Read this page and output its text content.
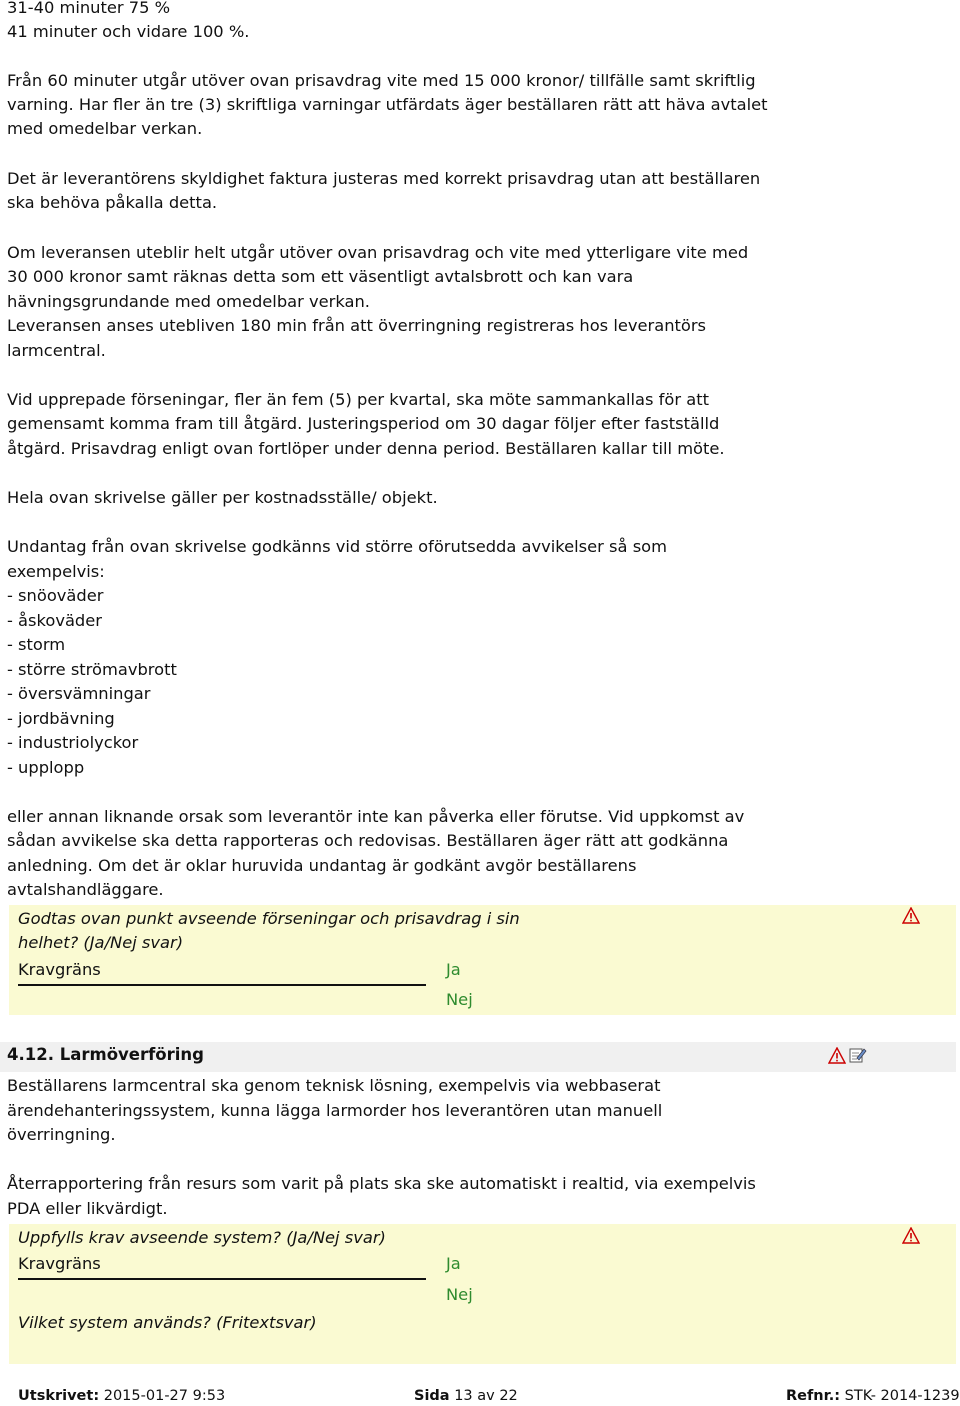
31-40 minuter 75 %
41 minuter och vidare 100 %.
Från 60 minuter utgår utöver ovan prisavdrag vite med 15 000 kronor/ tillfälle samt skriftlig
varning. Har fler än tre (3) skriftliga varningar utfärdats äger beställaren rätt att häva avtalet
med omedelbar verkan.
Det är leverantörens skyldighet faktura justeras med korrekt prisavdrag utan att beställaren
ska behöva påkalla detta.
Om leveransen uteblir helt utgår utöver ovan prisavdrag och vite med ytterligare vite med
30 000 kronor samt räknas detta som ett väsentligt avtalsbrott och kan vara
hävningsgrundande med omedelbar verkan.
Leveransen anses utebliven 180 min från att överringning registreras hos leverantörs
larmcentral.
Vid upprepade förseningar, fler än fem (5) per kvartal, ska möte sammankallas för att
gemensamt komma fram till åtgärd. Justeringsperiod om 30 dagar följer efter fastställd
åtgärd. Prisavdrag enligt ovan fortlöper under denna period. Beställaren kallar till möte.
Hela ovan skrivelse gäller per kostnadsställe/ objekt.
Undantag från ovan skrivelse godkänns vid större oförutsedda avvikelser så som
exempelvis:
- snöoväder
- åskoväder
- storm
- större strömavbrott
- översvämningar
- jordbävning
- industriolyckor
- upplopp
eller annan liknande orsak som leverantör inte kan påverka eller förutse. Vid uppkomst av
sådan avvikelse ska detta rapporteras och redovisas. Beställaren äger rätt att godkänna
anledning. Om det är oklar huruvida undantag är godkänt avgör beställarens
avtalshandläggare.
Godtas ovan punkt avseende förseningar och prisavdrag i sin
helhet? (Ja/Nej svar)
Kravgräns	Ja
Nej
4.12. Larmöverföring
Beställarens larmcentral ska genom teknisk lösning, exempelvis via webbaserat
ärendehanteringssystem, kunna lägga larmorder hos leverantören utan manuell
överringning.
Återrapportering från resurs som varit på plats ska ske automatiskt i realtid, via exempelvis
PDA eller likvärdigt.
Uppfylls krav avseende system? (Ja/Nej svar)
Kravgräns	Ja
Nej
Vilket system används? (Fritextsvar)
Utskrivet: 2015-01-27 9:53	Sida 13 av 22	Refnr.: STK- 2014-1239
